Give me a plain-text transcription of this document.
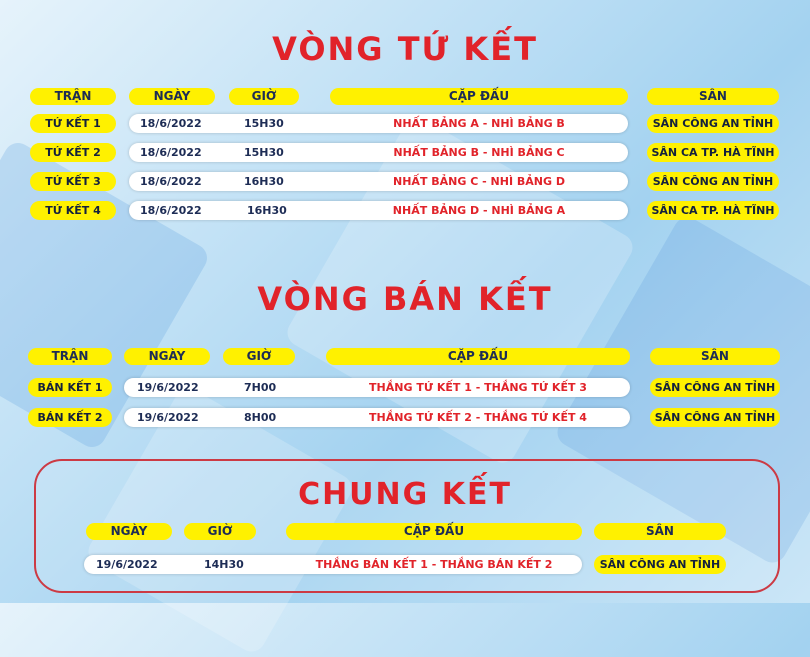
VÒNG TỨ KẾT
TRẬN	NGÀY	GIỜ	CẶP ĐẤU	SÂN
TỨ KẾT 1	18/6/2022	15H30	NHẤT BẢNG A - NHÌ BẢNG B	SÂN CÔNG AN TỈNH
TỨ KẾT 2	18/6/2022	15H30	NHẤT BẢNG B - NHÌ BẢNG C	SÂN CA TP. HÀ TĨNH
TỨ KẾT 3	18/6/2022	16H30	NHẤT BẢNG C - NHÌ BẢNG D	SÂN CÔNG AN TỈNH
TỨ KẾT 4	18/6/2022	16H30	NHẤT BẢNG D - NHÌ BẢNG A	SÂN CA TP. HÀ TĨNH
VÒNG BÁN KẾT
TRẬN	NGÀY	GIỜ	CẶP ĐẤU	SÂN
BÁN KẾT 1	19/6/2022	7H00	THẮNG TỨ KẾT 1 - THẮNG TỨ KẾT 3	SÂN CÔNG AN TỈNH
BÁN KẾT 2	19/6/2022	8H00	THẮNG TỨ KẾT 2 - THẮNG TỨ KẾT 4	SÂN CÔNG AN TỈNH
CHUNG KẾT
NGÀY	GIỜ	CẶP ĐẤU	SÂN
19/6/2022	14H30	THẮNG BÁN KẾT 1 - THẮNG BÁN KẾT 2	SÂN CÔNG AN TỈNH
